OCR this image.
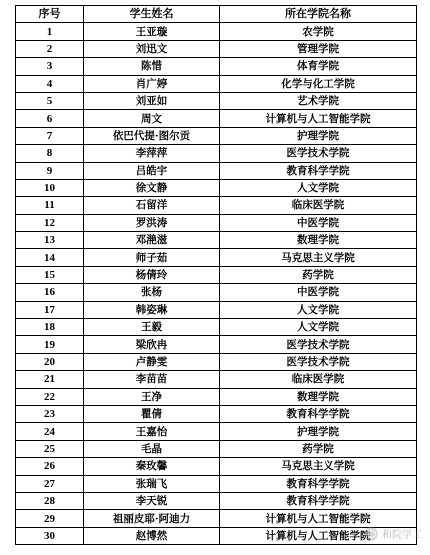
序号	学生姓名	所在学院名称
1	王亚璇	农学院
2	刘迅文	管理学院
3	陈惜	体育学院
4	肖广婷	化学与化工学院
5	刘亚如	艺术学院
6	周文	计算机与人工智能学院
7	依巴代提·图尔贡	护理学院
8	李萍萍	医学技术学院
9	吕皓宇	教育科学学院
10	徐文静	人文学院
11	石留洋	临床医学院
12	罗洪涛	中医学院
13	邓滟滋	数理学院
14	师子茹	马克思主义学院
15	杨倩玲	药学院
16	张杨	中医学院
17	韩姿琳	人文学院
18	王毅	人文学院
19	梁欣冉	医学技术学院
20	卢静雯	医学技术学院
21	李苗苗	临床医学院
22	王净	数理学院
23	瞿倩	教育科学学院
24	王嘉怡	护理学院
25	毛晶	药学院
26	秦玫馨	马克思主义学院
27	张瑞飞	教育科学学院
28	李天锐	教育科学学院
29	祖丽皮耶·阿迪力	计算机与人工智能学院
30	赵博然	计算机与人工智能学院 和院学工
